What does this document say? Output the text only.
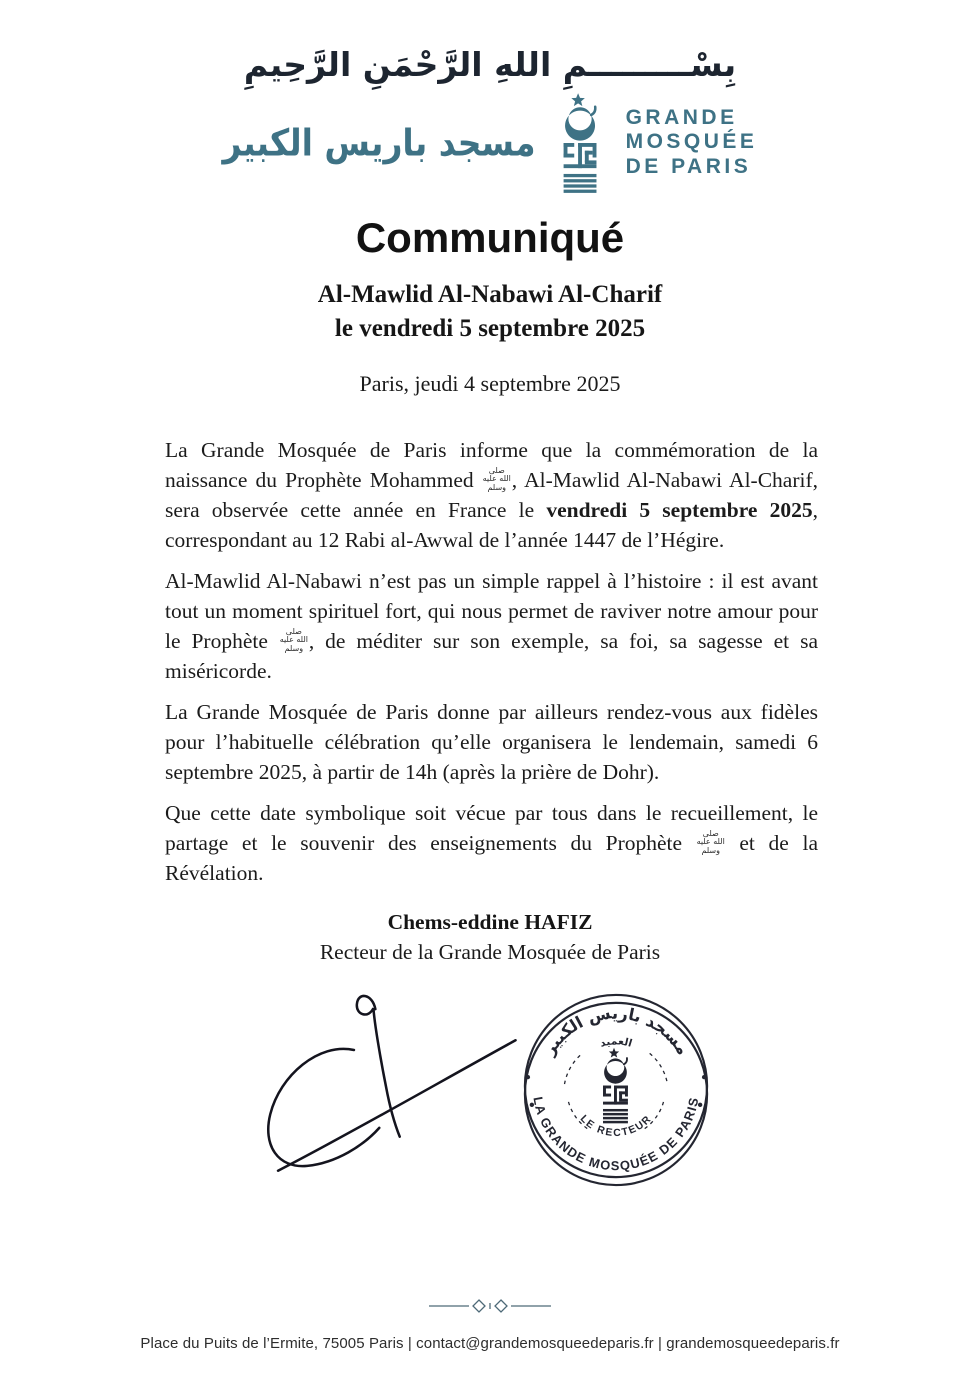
بِسْـــــــــمِ اللهِ الرَّحْمَنِ الرَّحِيمِ
مسجد باريس الكبير
GRANDE
MOSQUÉE
DE PARIS
Communiqué
Al-Mawlid Al-Nabawi Al-Charif
le vendredi 5 septembre 2025
Paris, jeudi 4 septembre 2025

La Grande Mosquée de Paris informe que la commémoration de la naissance du Prophète Mohammed صلى الله عليه وسلم , Al-Mawlid Al-Nabawi Al-Charif, sera observée cette année en France le vendredi 5 septembre 2025, correspondant au 12 Rabi al-Awwal de l’année 1447 de l’Hégire.

Al-Mawlid Al-Nabawi n’est pas un simple rappel à l’histoire : il est avant tout un moment spirituel fort, qui nous permet de raviver notre amour pour le Prophète صلى الله عليه وسلم , de méditer sur son exemple, sa foi, sa sagesse et sa miséricorde.

La Grande Mosquée de Paris donne par ailleurs rendez-vous aux fidèles pour l’habituelle célébration qu’elle organisera le lendemain, samedi 6 septembre 2025, à partir de 14h (après la prière de Dohr).

Que cette date symbolique soit vécue par tous dans le recueillement, le partage et le souvenir des enseignements du Prophète صلى الله عليه وسلم et de la Révélation.

Chems-eddine HAFIZ
Recteur de la Grande Mosquée de Paris
مسجد باريس الكبير
العميد
LE RECTEUR
LA GRANDE MOSQUÉE DE PARIS
Place du Puits de l’Ermite, 75005 Paris | contact@grandemosqueedeparis.fr | grandemosqueedeparis.fr
